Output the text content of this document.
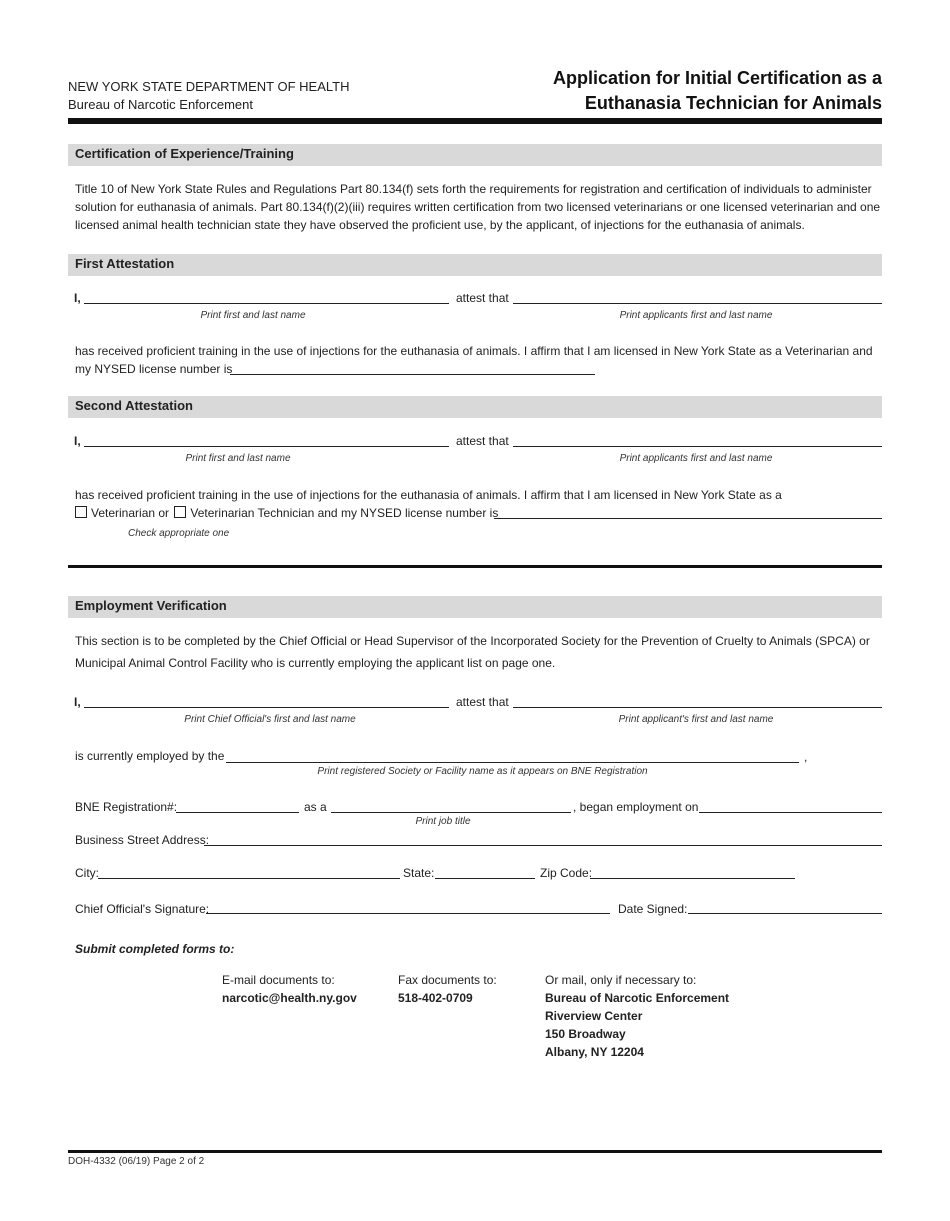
NEW YORK STATE DEPARTMENT OF HEALTH
Bureau of Narcotic Enforcement
Application for Initial Certification as a
Euthanasia Technician for Animals
Certification of Experience/Training
Title 10 of New York State Rules and Regulations Part 80.134(f) sets forth the requirements for registration and certification of individuals to administer
solution for euthanasia of animals. Part 80.134(f)(2)(iii) requires written certification from two licensed veterinarians or one licensed veterinarian and one
licensed animal health technician state they have observed the proficient use, by the applicant, of injections for the euthanasia of animals.
First Attestation
I,	attest that
Print first and last name	Print applicants first and last name
has received proficient training in the use of injections for the euthanasia of animals. I affirm that I am licensed in New York State as a Veterinarian and
my NYSED license number is
Second Attestation
I,	attest that
Print first and last name	Print applicants first and last name
has received proficient training in the use of injections for the euthanasia of animals. I affirm that I am licensed in New York State as a
Veterinarian or Veterinarian Technician and my NYSED license number is
Check appropriate one
Employment Verification
This section is to be completed by the Chief Official or Head Supervisor of the Incorporated Society for the Prevention of Cruelty to Animals (SPCA) or
Municipal Animal Control Facility who is currently employing the applicant list on page one.
I,	attest that
Print Chief Official's first and last name	Print applicant's first and last name
is currently employed by the	,
Print registered Society or Facility name as it appears on BNE Registration
BNE Registration#:	as a	, began employment on
Print job title
Business Street Address:
City:	State:	Zip Code:
Chief Official's Signature:	Date Signed:
Submit completed forms to:
E-mail documents to:
narcotic@health.ny.gov
Fax documents to:
518-402-0709
Or mail, only if necessary to:
Bureau of Narcotic Enforcement
Riverview Center
150 Broadway
Albany, NY 12204
DOH-4332 (06/19) Page 2 of 2
